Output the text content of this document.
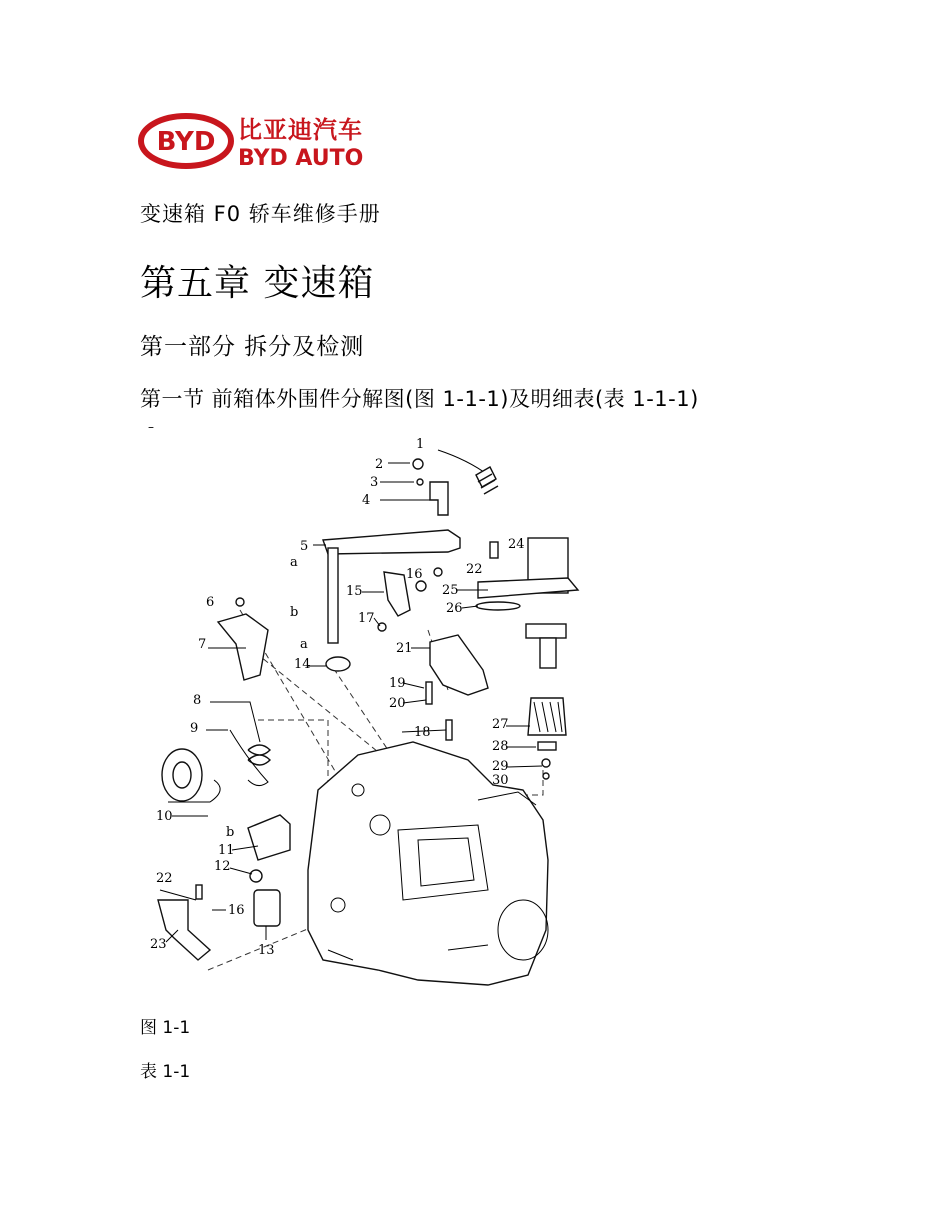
BYD 比亚迪汽车
BYD AUTO
变速箱 F0 轿车维修手册
第五章 变速箱
第一部分 拆分及检测
第一节 前箱体外围件分解图(图 1-1-1)及明细表(表 1-1-1)
–
1
2
3
4
5
a
b
6
7
8
9
10
11
12
13
14
15
16
17
18
19
20
21
22
22
23
24
25
26
27
28
29
30
a
b
16
图 1-1
表 1-1
